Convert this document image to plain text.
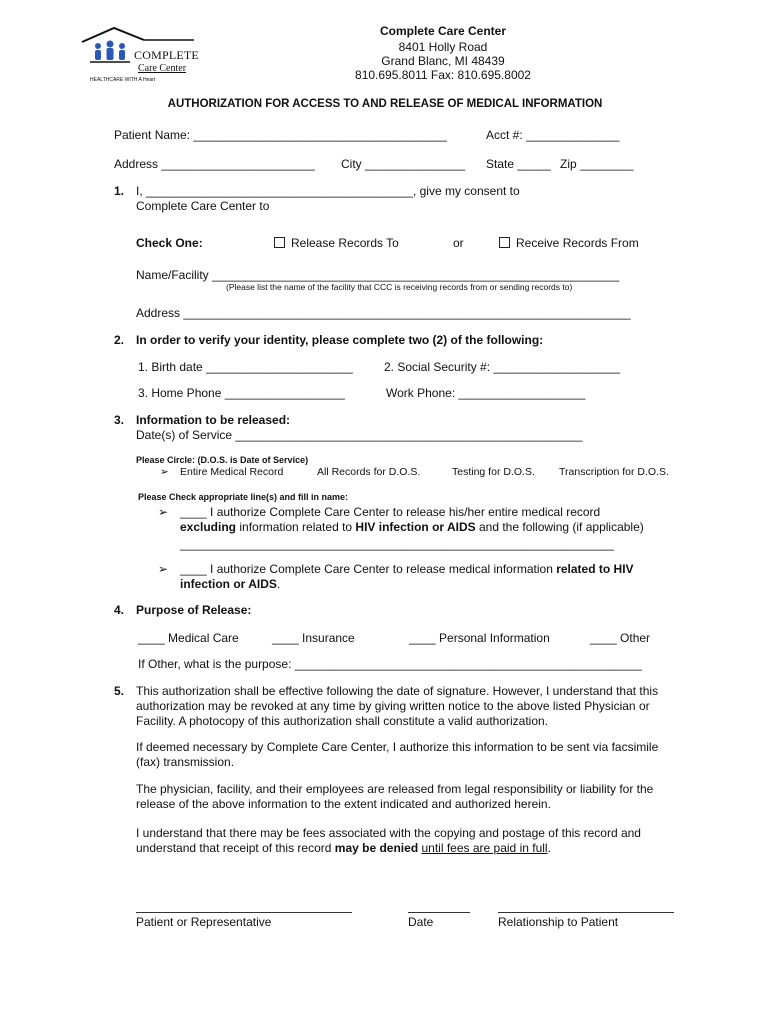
COMPLETE
Care Center
HEALTHCARE WITH A Heart
Complete Care Center
8401 Holly Road
Grand Blanc, MI 48439
810.695.8011 Fax: 810.695.8002
AUTHORIZATION FOR ACCESS TO AND RELEASE OF MEDICAL INFORMATION
Patient Name: ______________________________________	Acct #: ______________
Address _______________________ City _______________ State _____ Zip ________
1. I, ________________________________________, give my consent to
Complete Care Center to
Check One:	Release Records To	or	Receive Records From
Name/Facility _____________________________________________________________
(Please list the name of the facility that CCC is receiving records from or sending records to)
Address ___________________________________________________________________
2. In order to verify your identity, please complete two (2) of the following:
1. Birth date ______________________	2. Social Security #: ___________________
3. Home Phone __________________	Work Phone: ___________________
3. Information to be released:
Date(s) of Service ____________________________________________________
Please Circle: (D.O.S. is Date of Service)
➢ Entire Medical Record	All Records for D.O.S.	Testing for D.O.S. Transcription for D.O.S.
Please Check appropriate line(s) and fill in name:
➢ ____ I authorize Complete Care Center to release his/her entire medical record
excluding information related to HIV infection or AIDS and the following (if applicable)
_________________________________________________________________
➢ ____ I authorize Complete Care Center to release medical information related to HIV
infection or AIDS.
4. Purpose of Release:
____ Medical Care	____ Insurance	____ Personal Information	____ Other
If Other, what is the purpose: ____________________________________________________
5. This authorization shall be effective following the date of signature. However, I understand that this authorization may be revoked at any time by giving written notice to the above listed Physician or Facility. A photocopy of this authorization shall constitute a valid authorization.
If deemed necessary by Complete Care Center, I authorize this information to be sent via facsimile (fax) transmission.
The physician, facility, and their employees are released from legal responsibility or liability for the release of the above information to the extent indicated and authorized herein.
I understand that there may be fees associated with the copying and postage of this record and understand that receipt of this record may be denied until fees are paid in full.
Patient or Representative	Date	Relationship to Patient
